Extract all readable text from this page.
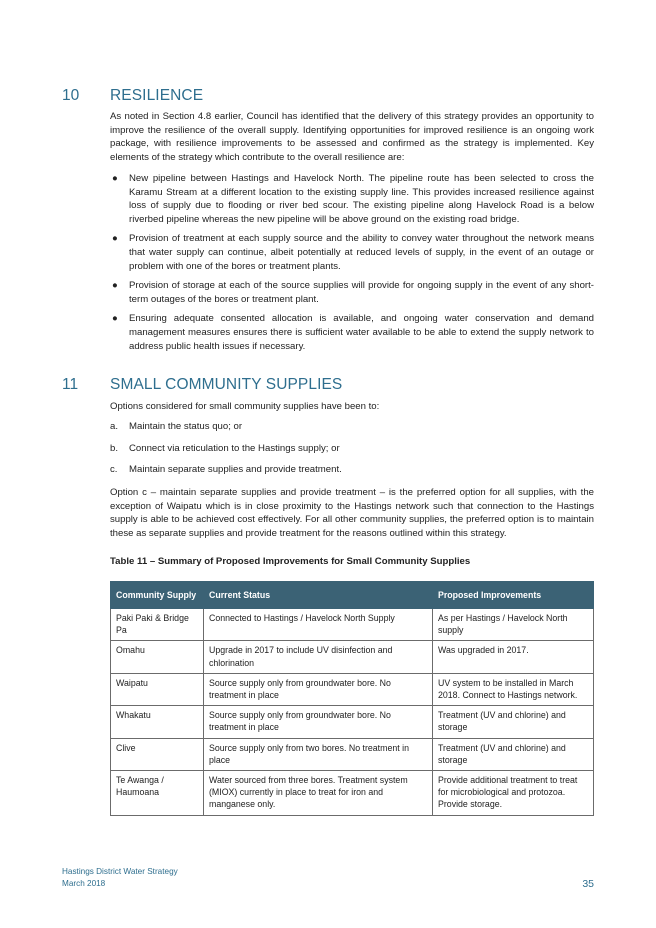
10	RESILIENCE

As noted in Section 4.8 earlier, Council has identified that the delivery of this strategy provides an opportunity to improve the resilience of the overall supply. Identifying opportunities for improved resilience is an ongoing work package, with resilience improvements to be assessed and confirmed as the strategy is implemented. Key elements of the strategy which contribute to the overall resilience are:

● New pipeline between Hastings and Havelock North. The pipeline route has been selected to cross the Karamu Stream at a different location to the existing supply line. This provides increased resilience against loss of supply due to flooding or river bed scour. The existing pipeline along Havelock Road is a below riverbed pipeline whereas the new pipeline will be above ground on the existing road bridge.
● Provision of treatment at each supply source and the ability to convey water throughout the network means that water supply can continue, albeit potentially at reduced levels of supply, in the event of an outage or problem with one of the bores or treatment plants.
● Provision of storage at each of the source supplies will provide for ongoing supply in the event of any short-term outages of the bores or treatment plant.
● Ensuring adequate consented allocation is available, and ongoing water conservation and demand management measures ensures there is sufficient water available to be able to extend the supply network to address public health issues if necessary.
11	SMALL COMMUNITY SUPPLIES

Options considered for small community supplies have been to:

a. Maintain the status quo; or
b. Connect via reticulation to the Hastings supply; or
c. Maintain separate supplies and provide treatment.

Option c – maintain separate supplies and provide treatment – is the preferred option for all supplies, with the exception of Waipatu which is in close proximity to the Hastings network such that connection to the Hastings supply is able to be achieved cost effectively. For all other community supplies, the preferred option is to maintain these as separate supplies and provide treatment for the reasons outlined within this strategy.

Table 11 – Summary of Proposed Improvements for Small Community Supplies
Community Supply	Current Status	Proposed Improvements
Paki Paki & Bridge Pa	Connected to Hastings / Havelock North Supply	As per Hastings / Havelock North supply
Omahu	Upgrade in 2017 to include UV disinfection and chlorination	Was upgraded in 2017.
Waipatu	Source supply only from groundwater bore. No treatment in place	UV system to be installed in March 2018. Connect to Hastings network.
Whakatu	Source supply only from groundwater bore. No treatment in place	Treatment (UV and chlorine) and storage
Clive	Source supply only from two bores. No treatment in place	Treatment (UV and chlorine) and storage
Te Awanga / Haumoana	Water sourced from three bores. Treatment system (MIOX) currently in place to treat for iron and manganese only.	Provide additional treatment to treat for microbiological and protozoa. Provide storage.
Hastings District Water Strategy
March 2018	35
